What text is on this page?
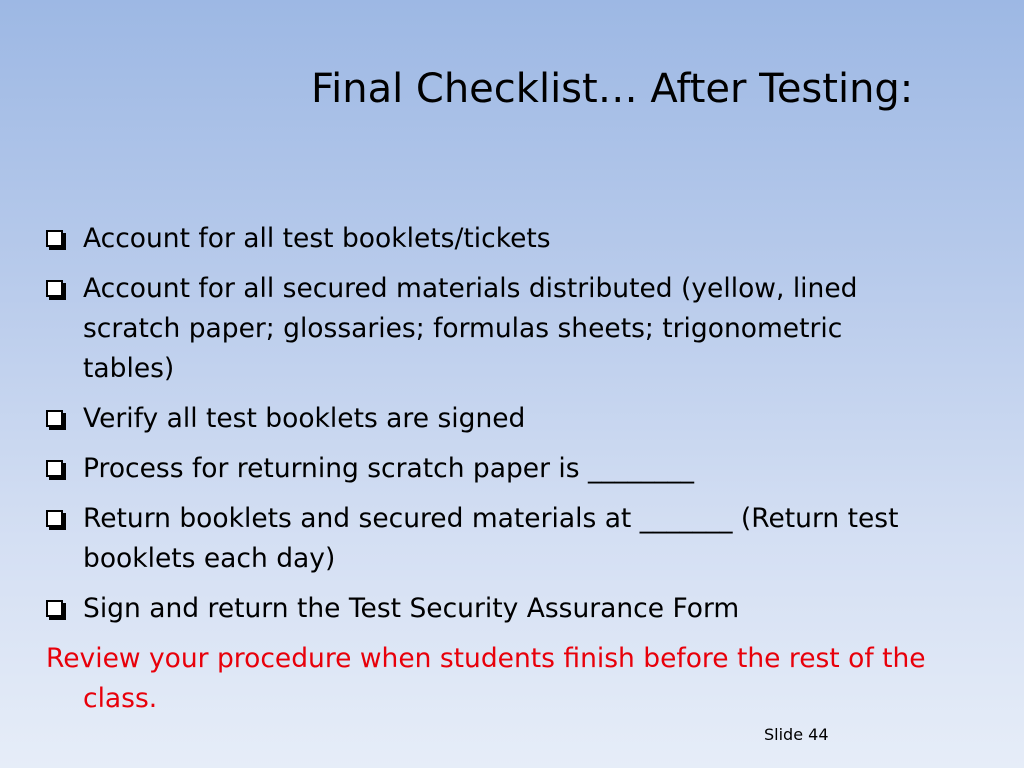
Final Checklist… After Testing:
Account for all test booklets/tickets
Account for all secured materials distributed (yellow, lined scratch paper; glossaries; formulas sheets; trigonometric tables)
Verify all test booklets are signed
Process for returning scratch paper is ________
Return booklets and secured materials at _______ (Return test booklets each day)
Sign and return the Test Security Assurance Form
Review your procedure when students finish before the rest of the class.
Slide 44
